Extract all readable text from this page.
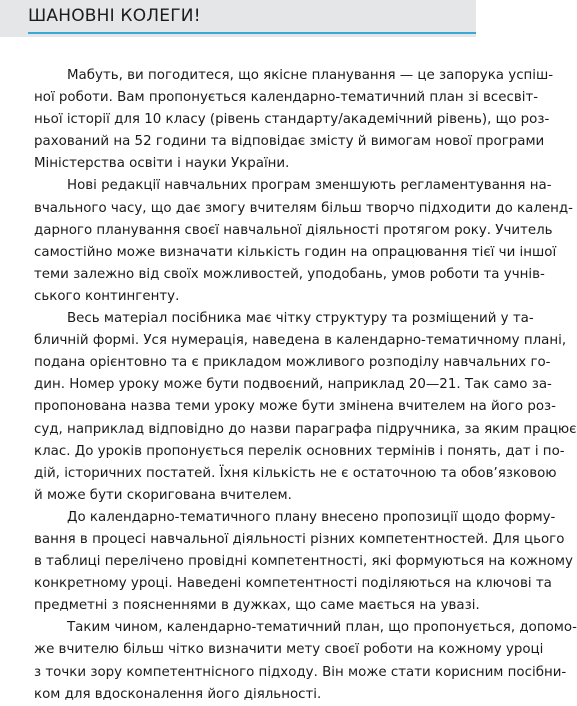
ШАНОВНІ КОЛЕГИ!
Мабуть, ви погодитеся, що якісне планування — це запорука успіш-
ної роботи. Вам пропонується календарно-тематичний план зі всесвіт-
ньої історії для 10 класу (рівень стандарту/академічний рівень), що роз-
рахований на 52 години та відповідає змісту й вимогам нової програми
Міністерства освіти і науки України.
Нові редакції навчальних програм зменшують регламентування на-
вчального часу, що дає змогу вчителям більш творчо підходити до календ-
дарного планування своєї навчальної діяльності протягом року. Учитель
самостійно може визначати кількість годин на опрацювання тієї чи іншої
теми залежно від своїх можливостей, уподобань, умов роботи та учнів-
ського контингенту.
Весь матеріал посібника має чітку структуру та розміщений у та-
бличній формі. Уся нумерація, наведена в календарно-тематичному плані,
подана орієнтовно та є прикладом можливого розподілу навчальних го-
дин. Номер уроку може бути подвоєний, наприклад 20—21. Так само за-
пропонована назва теми уроку може бути змінена вчителем на його роз-
суд, наприклад відповідно до назви параграфа підручника, за яким працює
клас. До уроків пропонується перелік основних термінів і понять, дат і по-
дій, історичних постатей. Їхня кількість не є остаточною та обов’язковою
й може бути скоригована вчителем.
До календарно-тематичного плану внесено пропозиції щодо форму-
вання в процесі навчальної діяльності різних компетентностей. Для цього
в таблиці перелічено провідні компетентності, які формуються на кожному
конкретному уроці. Наведені компетентності поділяються на ключові та
предметні з поясненнями в дужках, що саме мається на увазі.
Таким чином, календарно-тематичний план, що пропонується, допомо-
же вчителю більш чітко визначити мету своєї роботи на кожному уроці
з точки зору компетентнісного підходу. Він може стати корисним посібни-
ком для вдосконалення його діяльності.
